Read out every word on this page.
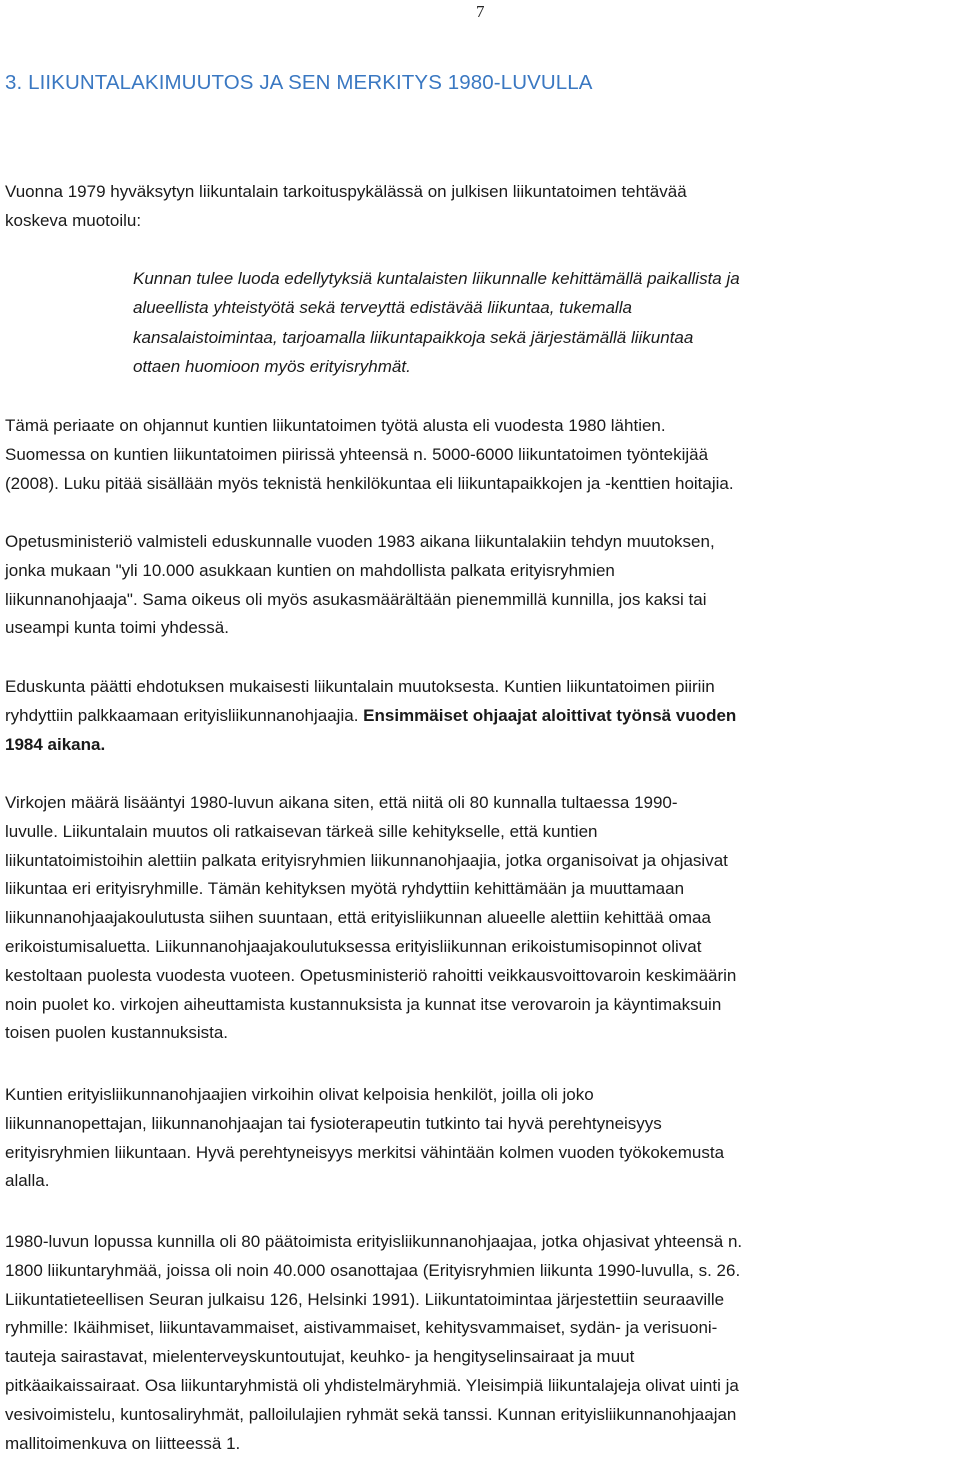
7
3. LIIKUNTALAKIMUUTOS JA SEN MERKITYS 1980-LUVULLA
Vuonna 1979 hyväksytyn liikuntalain tarkoituspykälässä on julkisen liikuntatoimen tehtävää
koskeva muotoilu:
Kunnan tulee luoda edellytyksiä kuntalaisten liikunnalle kehittämällä paikallista ja
alueellista yhteistyötä sekä terveyttä edistävää liikuntaa, tukemalla
kansalaistoimintaa, tarjoamalla liikuntapaikkoja sekä järjestämällä liikuntaa
ottaen huomioon myös erityisryhmät.
Tämä periaate on ohjannut kuntien liikuntatoimen työtä alusta eli vuodesta 1980 lähtien.
Suomessa on kuntien liikuntatoimen piirissä yhteensä n. 5000-6000 liikuntatoimen työntekijää
(2008). Luku pitää sisällään myös teknistä henkilökuntaa eli liikuntapaikkojen ja -kenttien hoitajia.
Opetusministeriö valmisteli eduskunnalle vuoden 1983 aikana liikuntalakiin tehdyn muutoksen,
jonka mukaan "yli 10.000 asukkaan kuntien on mahdollista palkata erityisryhmien
liikunnanohjaaja". Sama oikeus oli myös asukasmäärältään pienemmillä kunnilla, jos kaksi tai
useampi kunta toimi yhdessä.
Eduskunta päätti ehdotuksen mukaisesti liikuntalain muutoksesta. Kuntien liikuntatoimen piiriin
ryhdyttiin palkkaamaan erityisliikunnanohjaajia. Ensimmäiset ohjaajat aloittivat työnsä vuoden
1984 aikana.
Virkojen määrä lisääntyi 1980-luvun aikana siten, että niitä oli 80 kunnalla tultaessa 1990-
luvulle. Liikuntalain muutos oli ratkaisevan tärkeä sille kehitykselle, että kuntien
liikuntatoimistoihin alettiin palkata erityisryhmien liikunnanohjaajia, jotka organisoivat ja ohjasivat
liikuntaa eri erityisryhmille. Tämän kehityksen myötä ryhdyttiin kehittämään ja muuttamaan
liikunnanohjaajakoulutusta siihen suuntaan, että erityisliikunnan alueelle alettiin kehittää omaa
erikoistumisaluetta. Liikunnanohjaajakoulutuksessa erityisliikunnan erikoistumisopinnot olivat
kestoltaan puolesta vuodesta vuoteen. Opetusministeriö rahoitti veikkausvoittovaroin keskimäärin
noin puolet ko. virkojen aiheuttamista kustannuksista ja kunnat itse verovaroin ja käyntimaksuin
toisen puolen kustannuksista.
Kuntien erityisliikunnanohjaajien virkoihin olivat kelpoisia henkilöt, joilla oli joko
liikunnanopettajan, liikunnanohjaajan tai fysioterapeutin tutkinto tai hyvä perehtyneisyys
erityisryhmien liikuntaan. Hyvä perehtyneisyys merkitsi vähintään kolmen vuoden työkokemusta
alalla.
1980-luvun lopussa kunnilla oli 80 päätoimista erityisliikunnanohjaajaa, jotka ohjasivat yhteensä n.
1800 liikuntaryhmää, joissa oli noin 40.000 osanottajaa (Erityisryhmien liikunta 1990-luvulla, s. 26.
Liikuntatieteellisen Seuran julkaisu 126, Helsinki 1991). Liikuntatoimintaa järjestettiin seuraaville
ryhmille: Ikäihmiset, liikuntavammaiset, aistivammaiset, kehitysvammaiset, sydän- ja verisuoni-
tauteja sairastavat, mielenterveyskuntoutujat, keuhko- ja hengityselinsairaat ja muut
pitkäaikaissairaat. Osa liikuntaryhmistä oli yhdistelmäryhmiä. Yleisimpiä liikuntalajeja olivat uinti ja
vesivoimistelu, kuntosaliryhmät, palloilulajien ryhmät sekä tanssi. Kunnan erityisliikunnanohjaajan
mallitoimenkuva on liitteessä 1.
